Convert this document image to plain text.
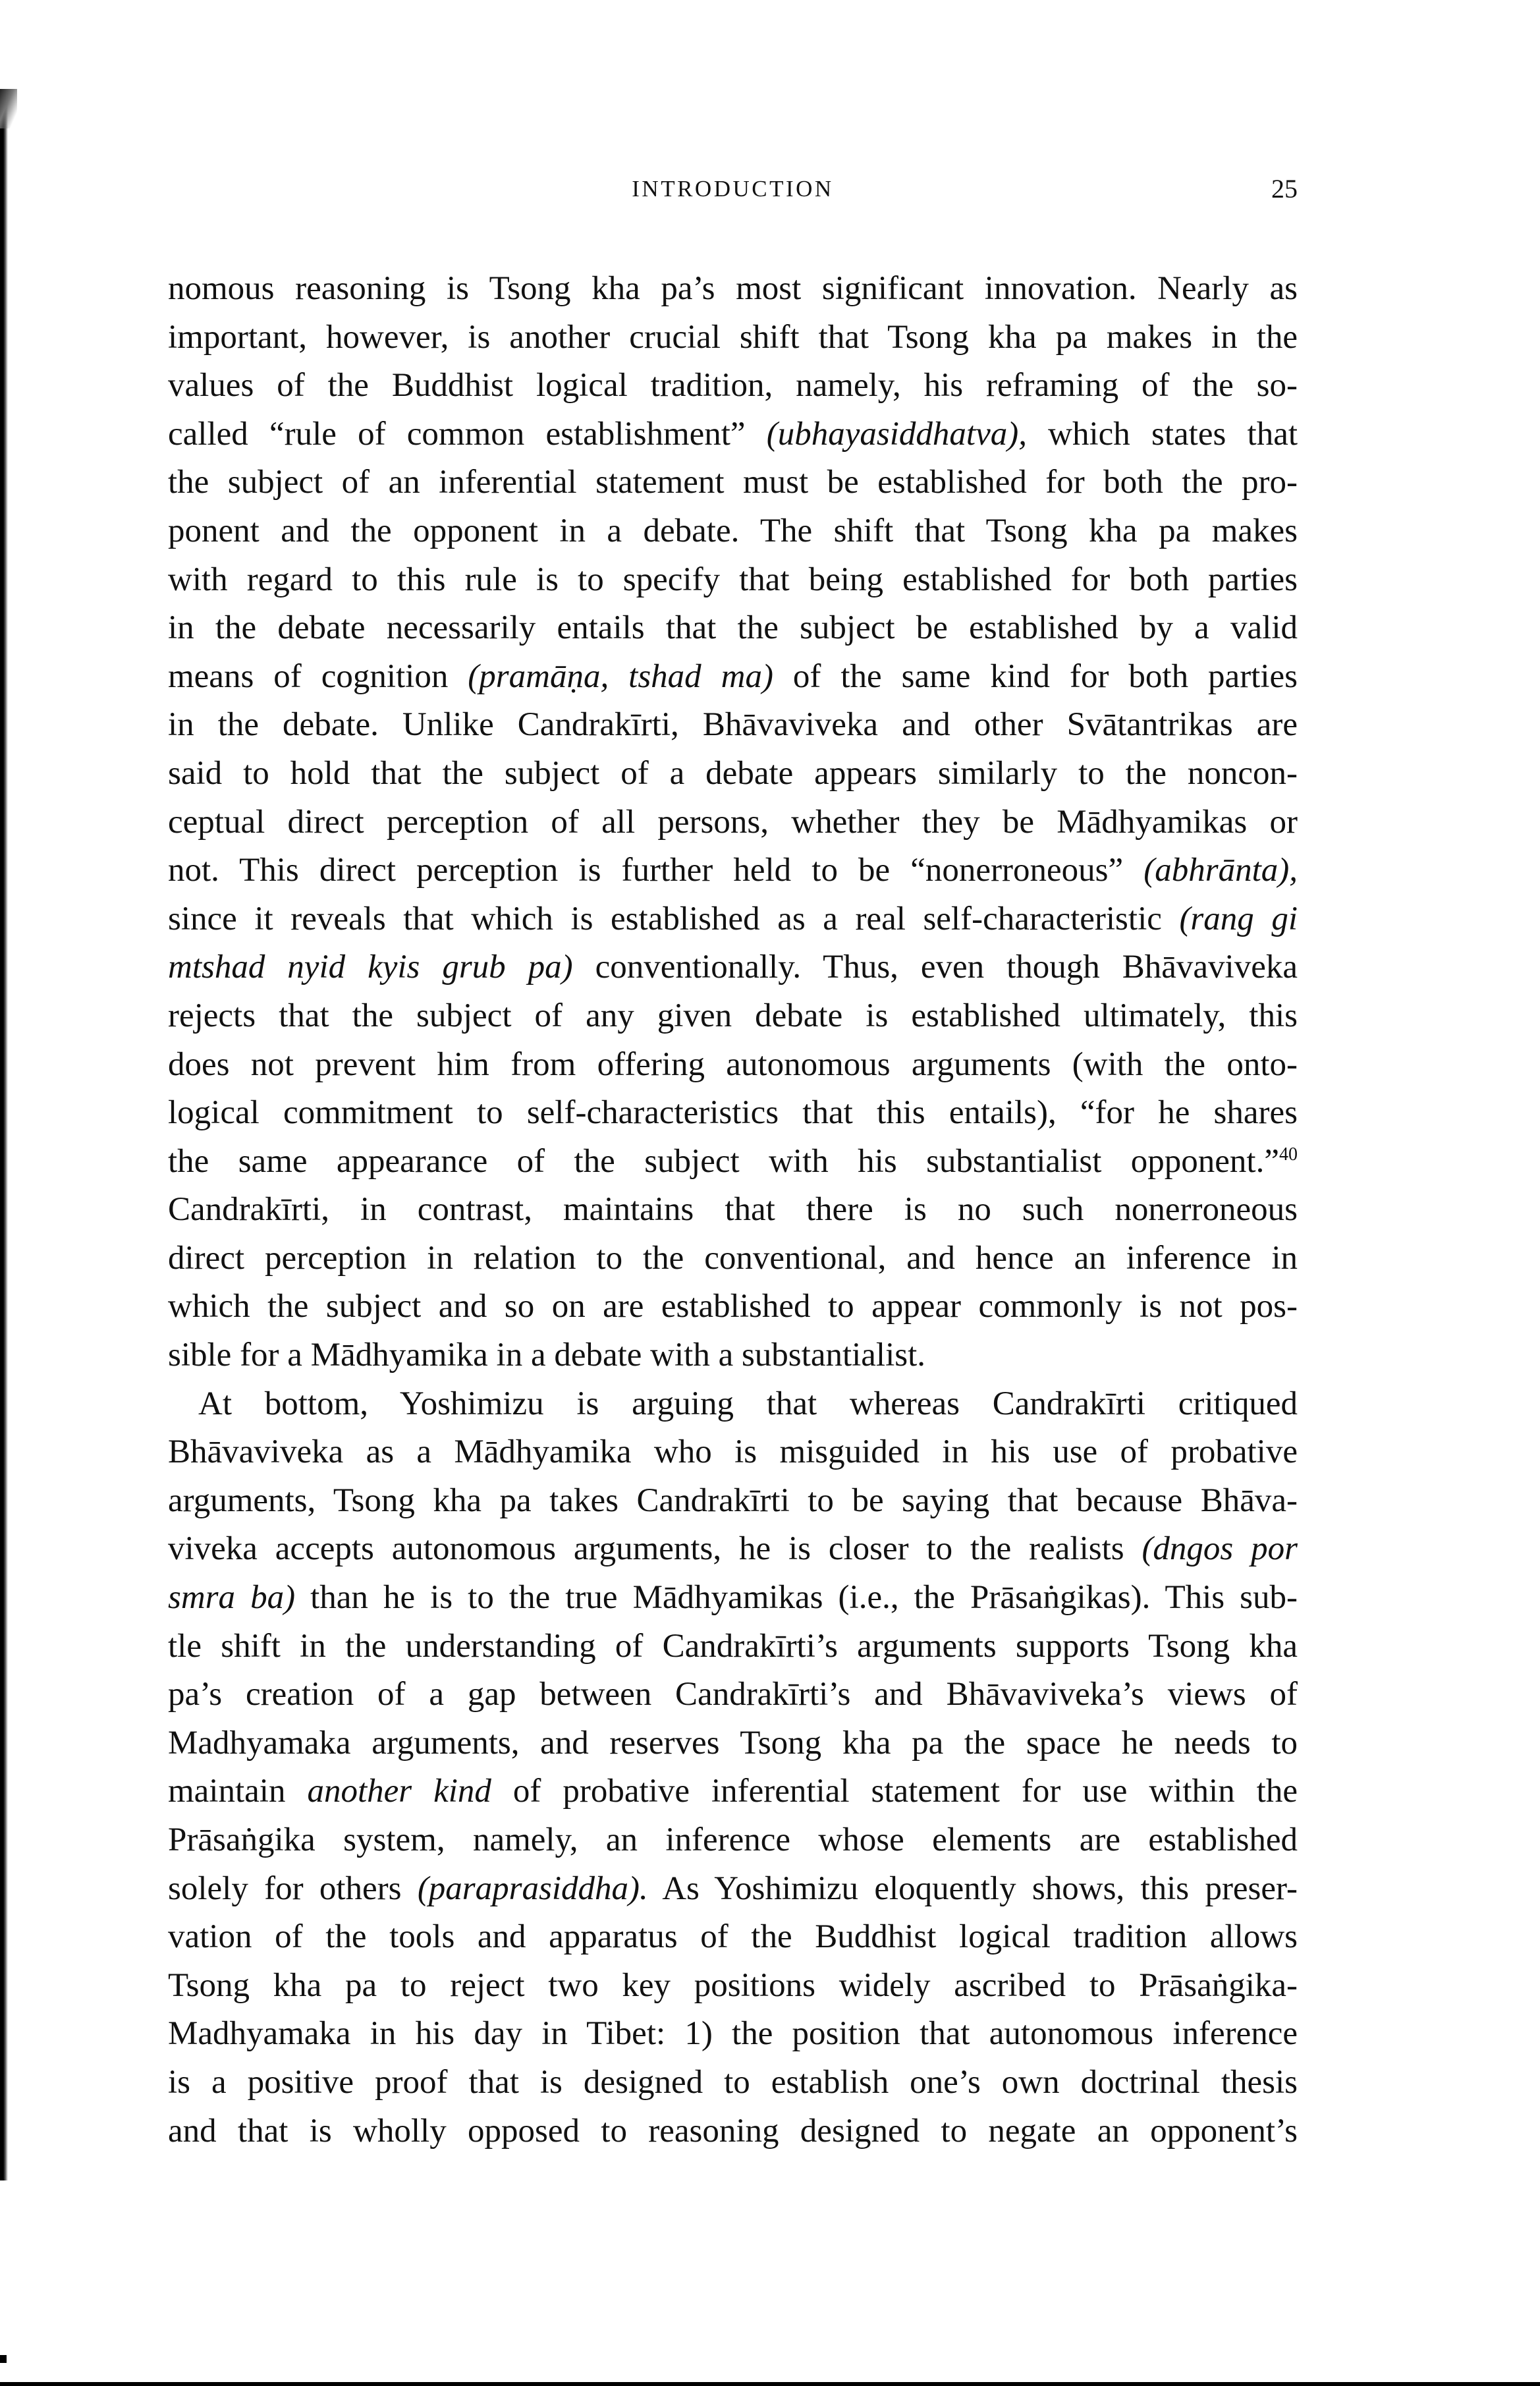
INTRODUCTION	25
nomous reasoning is Tsong kha pa’s most significant innovation. Nearly as
important, however, is another crucial shift that Tsong kha pa makes in the
values of the Buddhist logical tradition, namely, his reframing of the so-
called “rule of common establishment” (ubhayasiddhatva), which states that
the subject of an inferential statement must be established for both the pro-
ponent and the opponent in a debate. The shift that Tsong kha pa makes
with regard to this rule is to specify that being established for both parties
in the debate necessarily entails that the subject be established by a valid
means of cognition (pramāṇa, tshad ma) of the same kind for both parties
in the debate. Unlike Candrakīrti, Bhāvaviveka and other Svātantrikas are
said to hold that the subject of a debate appears similarly to the noncon-
ceptual direct perception of all persons, whether they be Mādhyamikas or
not. This direct perception is further held to be “nonerroneous” (abhrānta),
since it reveals that which is established as a real self-characteristic (rang gi
mtshad nyid kyis grub pa) conventionally. Thus, even though Bhāvaviveka
rejects that the subject of any given debate is established ultimately, this
does not prevent him from offering autonomous arguments (with the onto-
logical commitment to self-characteristics that this entails), “for he shares
the same appearance of the subject with his substantialist opponent.”$^{40}$
Candrakīrti, in contrast, maintains that there is no such nonerroneous
direct perception in relation to the conventional, and hence an inference in
which the subject and so on are established to appear commonly is not pos-
sible for a Mādhyamika in a debate with a substantialist.
At bottom, Yoshimizu is arguing that whereas Candrakīrti critiqued
Bhāvaviveka as a Mādhyamika who is misguided in his use of probative
arguments, Tsong kha pa takes Candrakīrti to be saying that because Bhāva-
viveka accepts autonomous arguments, he is closer to the realists (dngos por
smra ba) than he is to the true Mādhyamikas (i.e., the Prāsaṅgikas). This sub-
tle shift in the understanding of Candrakīrti’s arguments supports Tsong kha
pa’s creation of a gap between Candrakīrti’s and Bhāvaviveka’s views of
Madhyamaka arguments, and reserves Tsong kha pa the space he needs to
maintain another kind of probative inferential statement for use within the
Prāsaṅgika system, namely, an inference whose elements are established
solely for others (paraprasiddha). As Yoshimizu eloquently shows, this preser-
vation of the tools and apparatus of the Buddhist logical tradition allows
Tsong kha pa to reject two key positions widely ascribed to Prāsaṅgika-
Madhyamaka in his day in Tibet: 1) the position that autonomous inference
is a positive proof that is designed to establish one’s own doctrinal thesis
and that is wholly opposed to reasoning designed to negate an opponent’s
